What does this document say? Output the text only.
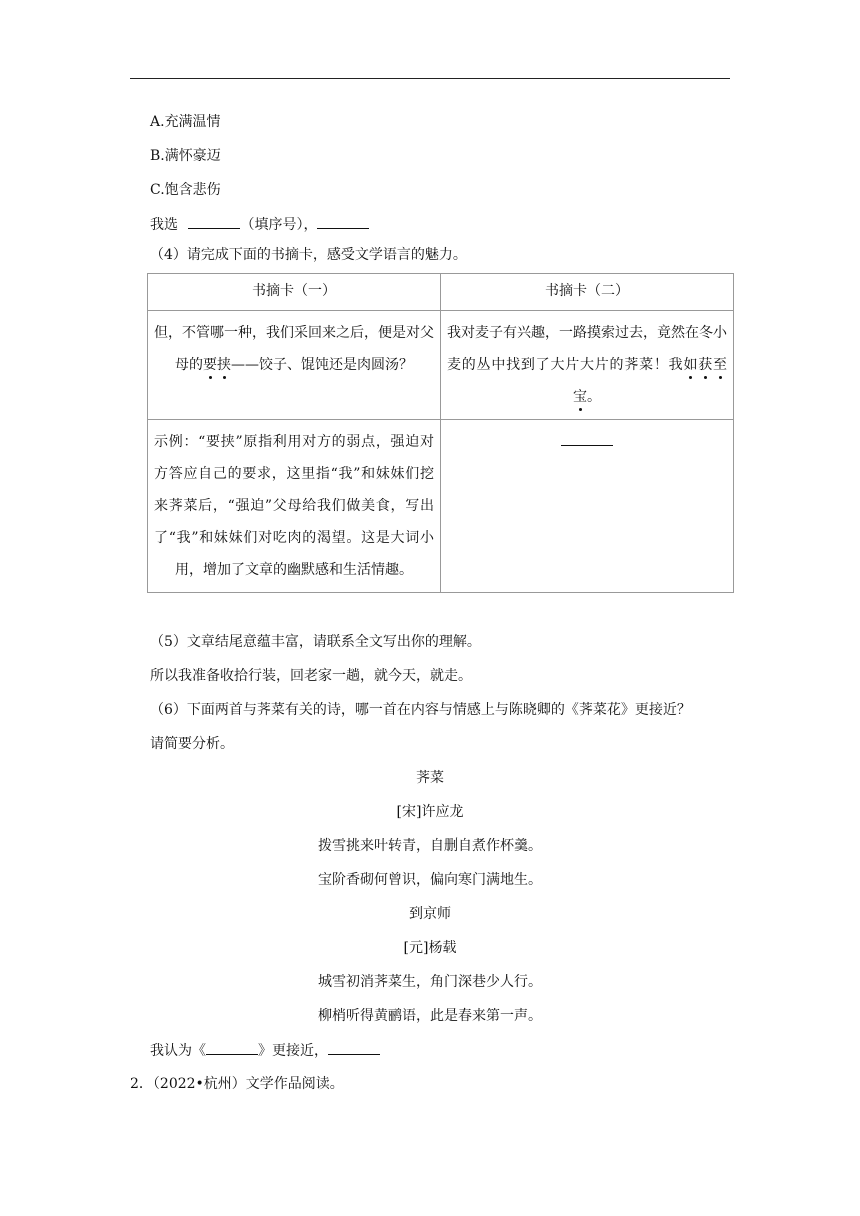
A.充满温情
B.满怀豪迈
C.饱含悲伤
我选	（填序号），
（4）请完成下面的书摘卡，感受文学语言的魅力。
书摘卡（一）	书摘卡（二）
但，不管哪一种，我们采回来之后，便是对父母的要挟——饺子、馄饨还是肉圆汤？	我对麦子有兴趣，一路摸索过去，竟然在冬小麦的丛中找到了大片大片的荠菜！我如获至宝。
示例：“要挟”原指利用对方的弱点，强迫对方答应自己的要求，这里指“我”和妹妹们挖来荠菜后，“强迫”父母给我们做美食，写出了“我”和妹妹们对吃肉的渴望。这是大词小用，增加了文章的幽默感和生活情趣。	
（5）文章结尾意蕴丰富，请联系全文写出你的理解。
所以我准备收拾行装，回老家一趟，就今天，就走。
（6）下面两首与荠菜有关的诗，哪一首在内容与情感上与陈晓卿的《荠菜花》更接近？
请简要分析。
荠菜
[宋]许应龙
拨雪挑来叶转青，自删自煮作杯羹。
宝阶香砌何曾识，偏向寒门满地生。
到京师
[元]杨载
城雪初消荠菜生，角门深巷少人行。
柳梢听得黄鹂语，此是春来第一声。
我认为《	》更接近，
2．（2022•杭州）文学作品阅读。
